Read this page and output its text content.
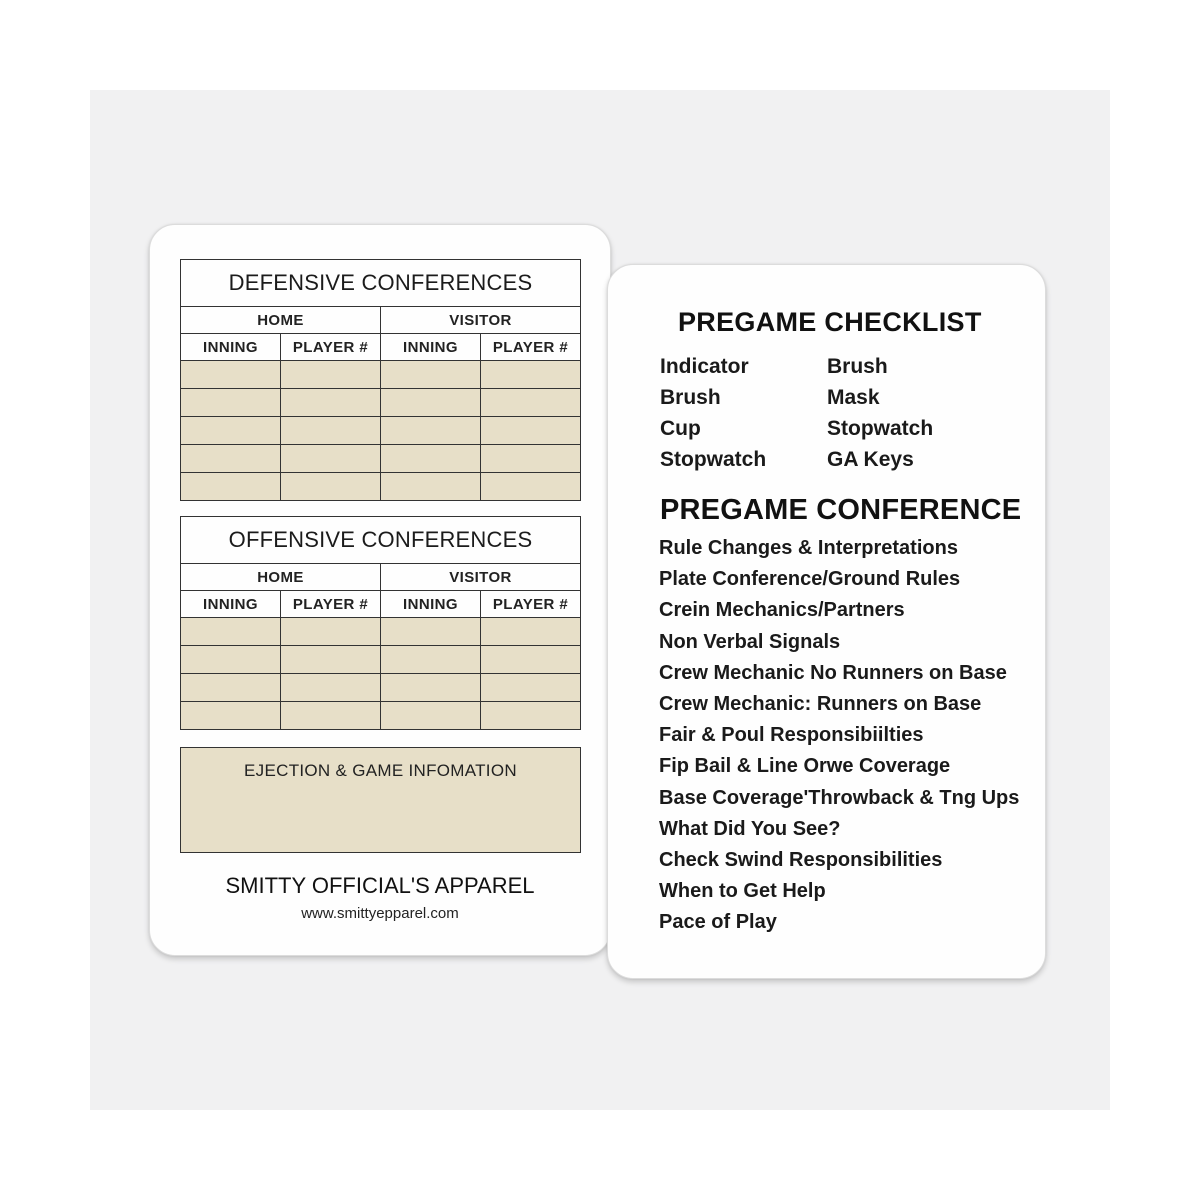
DEFENSIVE CONFERENCES
HOME	VISITOR
INNING	PLAYER #	INNING	PLAYER #
OFFENSIVE CONFERENCES
HOME	VISITOR
INNING	PLAYER #	INNING	PLAYER #
EJECTION & GAME INFOMATION
SMITTY OFFICIAL'S APPAREL
www.smittyepparel.com
PREGAME CHECKLIST
Indicator	Brush
Brush	Mask
Cup	Stopwatch
Stopwatch	GA Keys
PREGAME CONFERENCE
Rule Changes & Interpretations
Plate Conference/Ground Rules
Crein Mechanics/Partners
Non Verbal Signals
Crew Mechanic No Runners on Base
Crew Mechanic: Runners on Base
Fair & Poul Responsibiilties
Fip Bail & Line Orwe Coverage
Base Coverage'Throwback & Tng Ups
What Did You See?
Check Swind Responsibilities
When to Get Help
Pace of Play
